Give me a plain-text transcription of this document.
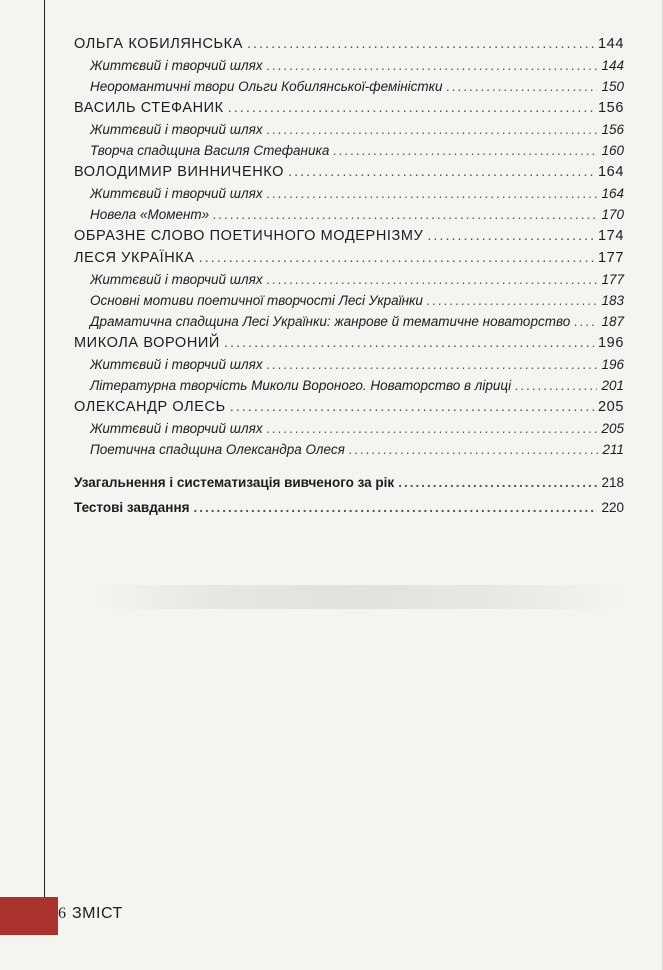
ОЛЬГА КОБИЛЯНСЬКА .....	144
Життєвий і творчий шлях .....	144
Неоромантичні твори Ольги Кобилянської-феміністки .....	150
ВАСИЛЬ СТЕФАНИК .....	156
Життєвий і творчий шлях .....	156
Творча спадщина Василя Стефаника .....	160
ВОЛОДИМИР ВИННИЧЕНКО .....	164
Життєвий і творчий шлях .....	164
Новела «Момент» .....	170
ОБРАЗНЕ СЛОВО ПОЕТИЧНОГО МОДЕРНІЗМУ .....	174
ЛЕСЯ УКРАЇНКА .....	177
Життєвий і творчий шлях .....	177
Основні мотиви поетичної творчості Лесі Українки .....	183
Драматична спадщина Лесі Українки: жанрове й тематичне новаторство ..... 187
МИКОЛА ВОРОНИЙ .....	196
Життєвий і творчий шлях .....	196
Літературна творчість Миколи Вороного. Новаторство в ліриці .....	201
ОЛЕКСАНДР ОЛЕСЬ .....	205
Життєвий і творчий шлях .....	205
Поетична спадщина Олександра Олеся .....	211
Узагальнення і систематизація вивченого за рік .....	218
Тестові завдання .....	220
6 ЗМІСТ
